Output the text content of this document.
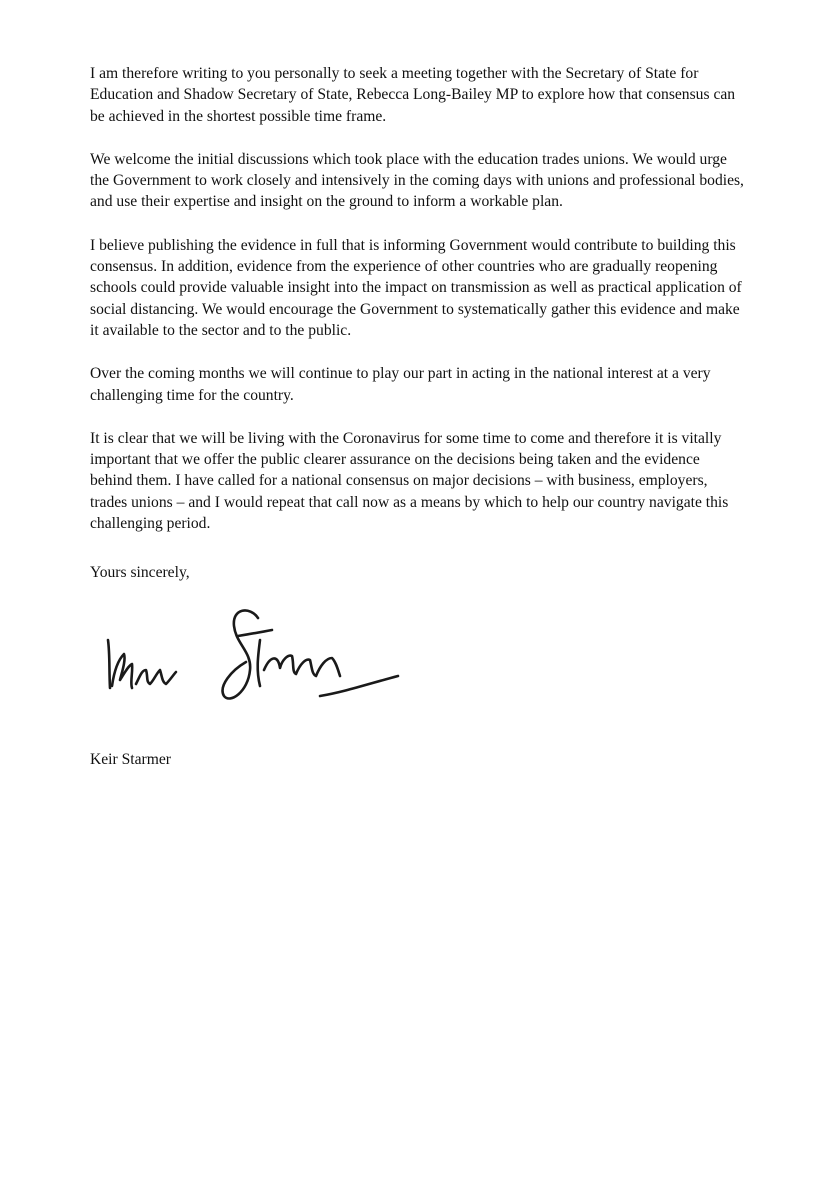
I am therefore writing to you personally to seek a meeting together with the Secretary of State for Education and Shadow Secretary of State, Rebecca Long-Bailey MP to explore how that consensus can be achieved in the shortest possible time frame.

We welcome the initial discussions which took place with the education trades unions. We would urge the Government to work closely and intensively in the coming days with unions and professional bodies, and use their expertise and insight on the ground to inform a workable plan.

I believe publishing the evidence in full that is informing Government would contribute to building this consensus. In addition, evidence from the experience of other countries who are gradually reopening schools could provide valuable insight into the impact on transmission as well as practical application of social distancing. We would encourage the Government to systematically gather this evidence and make it available to the sector and to the public.

Over the coming months we will continue to play our part in acting in the national interest at a very challenging time for the country.

It is clear that we will be living with the Coronavirus for some time to come and therefore it is vitally important that we offer the public clearer assurance on the decisions being taken and the evidence behind them. I have called for a national consensus on major decisions – with business, employers, trades unions – and I would repeat that call now as a means by which to help our country navigate this challenging period.

Yours sincerely,

Keir Starmer
